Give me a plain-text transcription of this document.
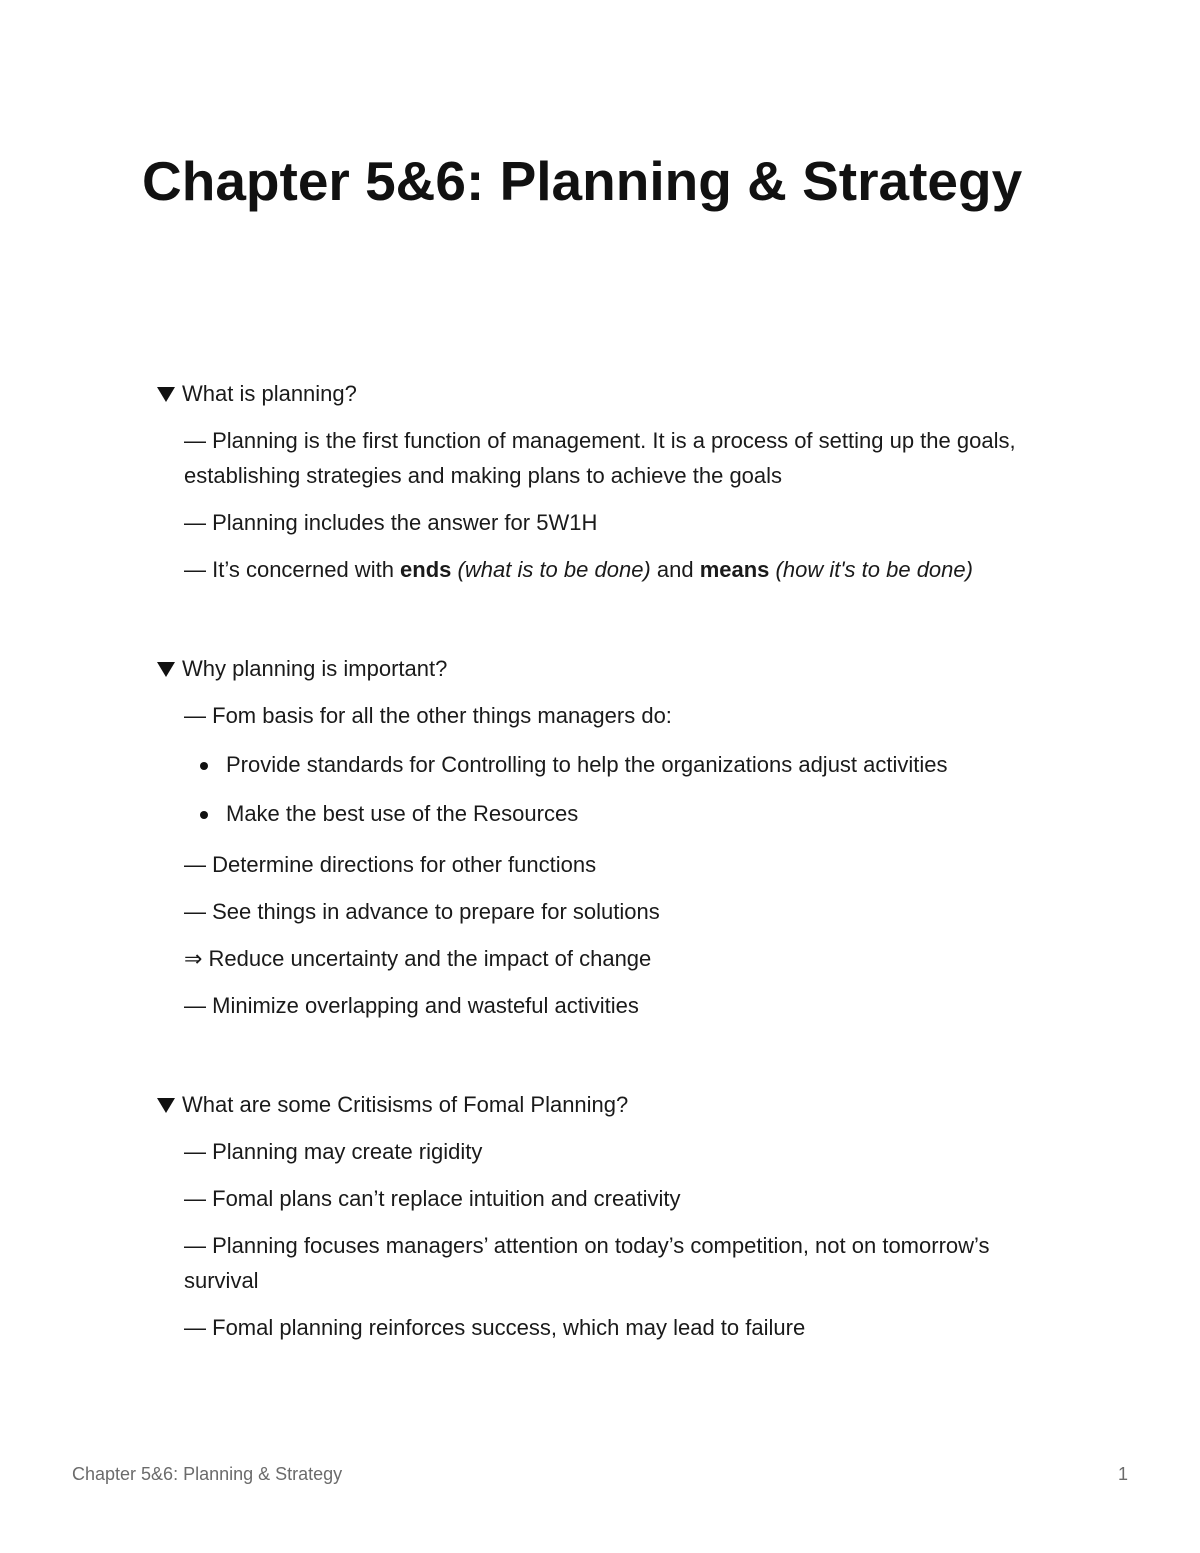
Chapter 5&6: Planning & Strategy
What is planning?
— Planning is the first function of management. It is a process of setting up the goals, establishing strategies and making plans to achieve the goals
— Planning includes the answer for 5W1H
— It’s concerned with ends (what is to be done) and means (how it's to be done)
Why planning is important?
— Fom basis for all the other things managers do:
Provide standards for Controlling to help the organizations adjust activities
Make the best use of the Resources
— Determine directions for other functions
— See things in advance to prepare for solutions
⇒ Reduce uncertainty and the impact of change
— Minimize overlapping and wasteful activities
What are some Critisisms of Fomal Planning?
— Planning may create rigidity
— Fomal plans can’t replace intuition and creativity
— Planning focuses managers’ attention on today’s competition, not on tomorrow’s survival
— Fomal planning reinforces success, which may lead to failure
Chapter 5&6: Planning & Strategy	1
